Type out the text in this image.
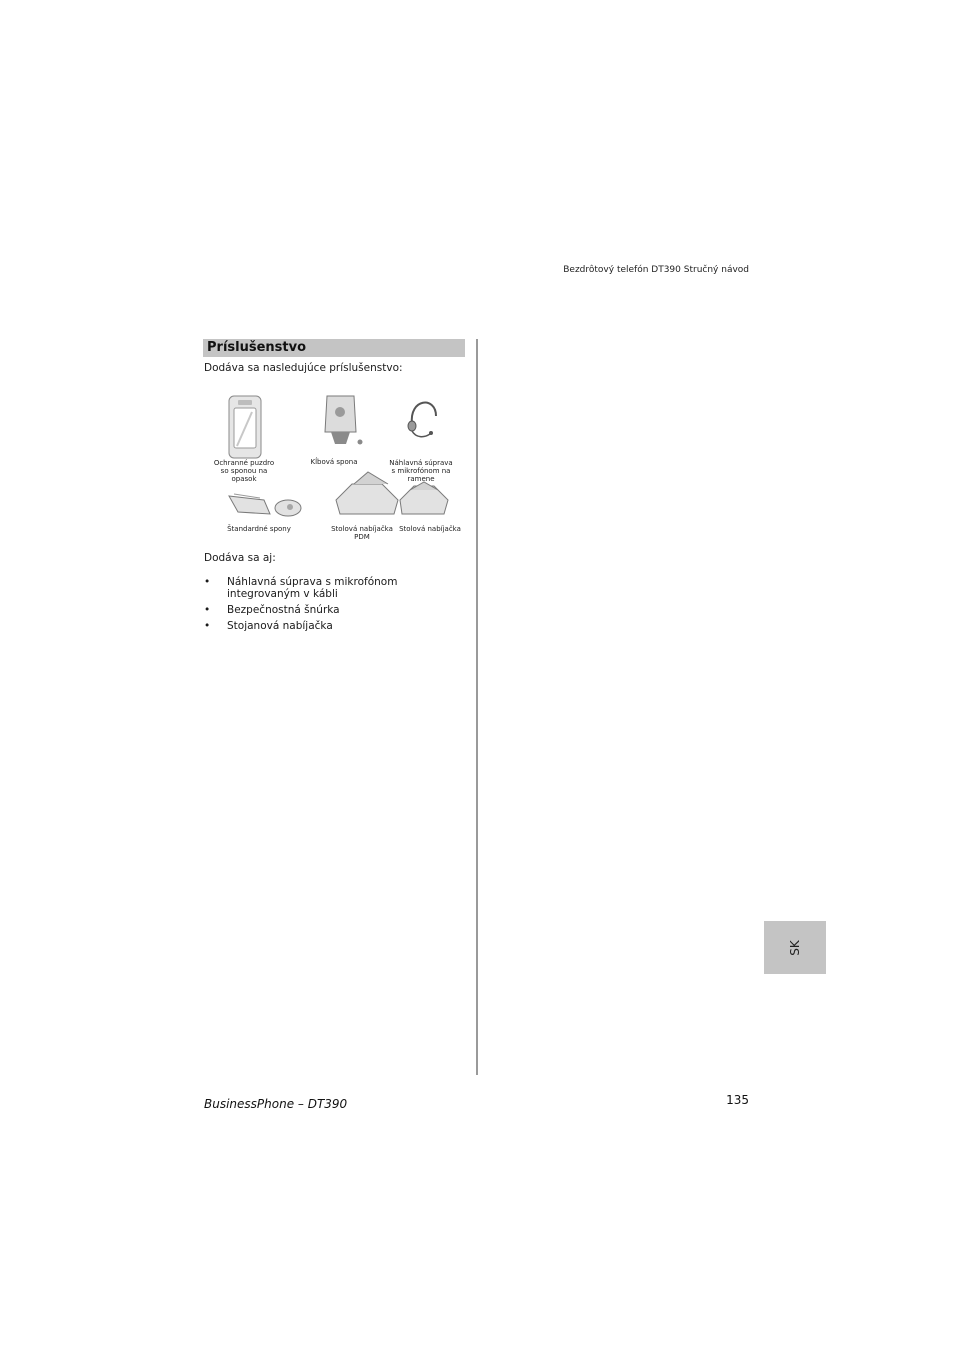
Bezdrôtový telefón DT390 Stručný návod
Príslušenstvo
Dodáva sa nasledujúce príslušenstvo:
Ochranné puzdro so sponou na opasok
Kĺbová spona	Náhlavná súprava s mikrofónom na ramene
Štandardné spony	Stolová nabíjačka PDM
Stolová nabíjačka
Dodáva sa aj:
• Náhlavná súprava s mikrofónom integrovaným v kábli
• Bezpečnostná šnúrka
• Stojanová nabíjačka
SK
BusinessPhone – DT390	135
